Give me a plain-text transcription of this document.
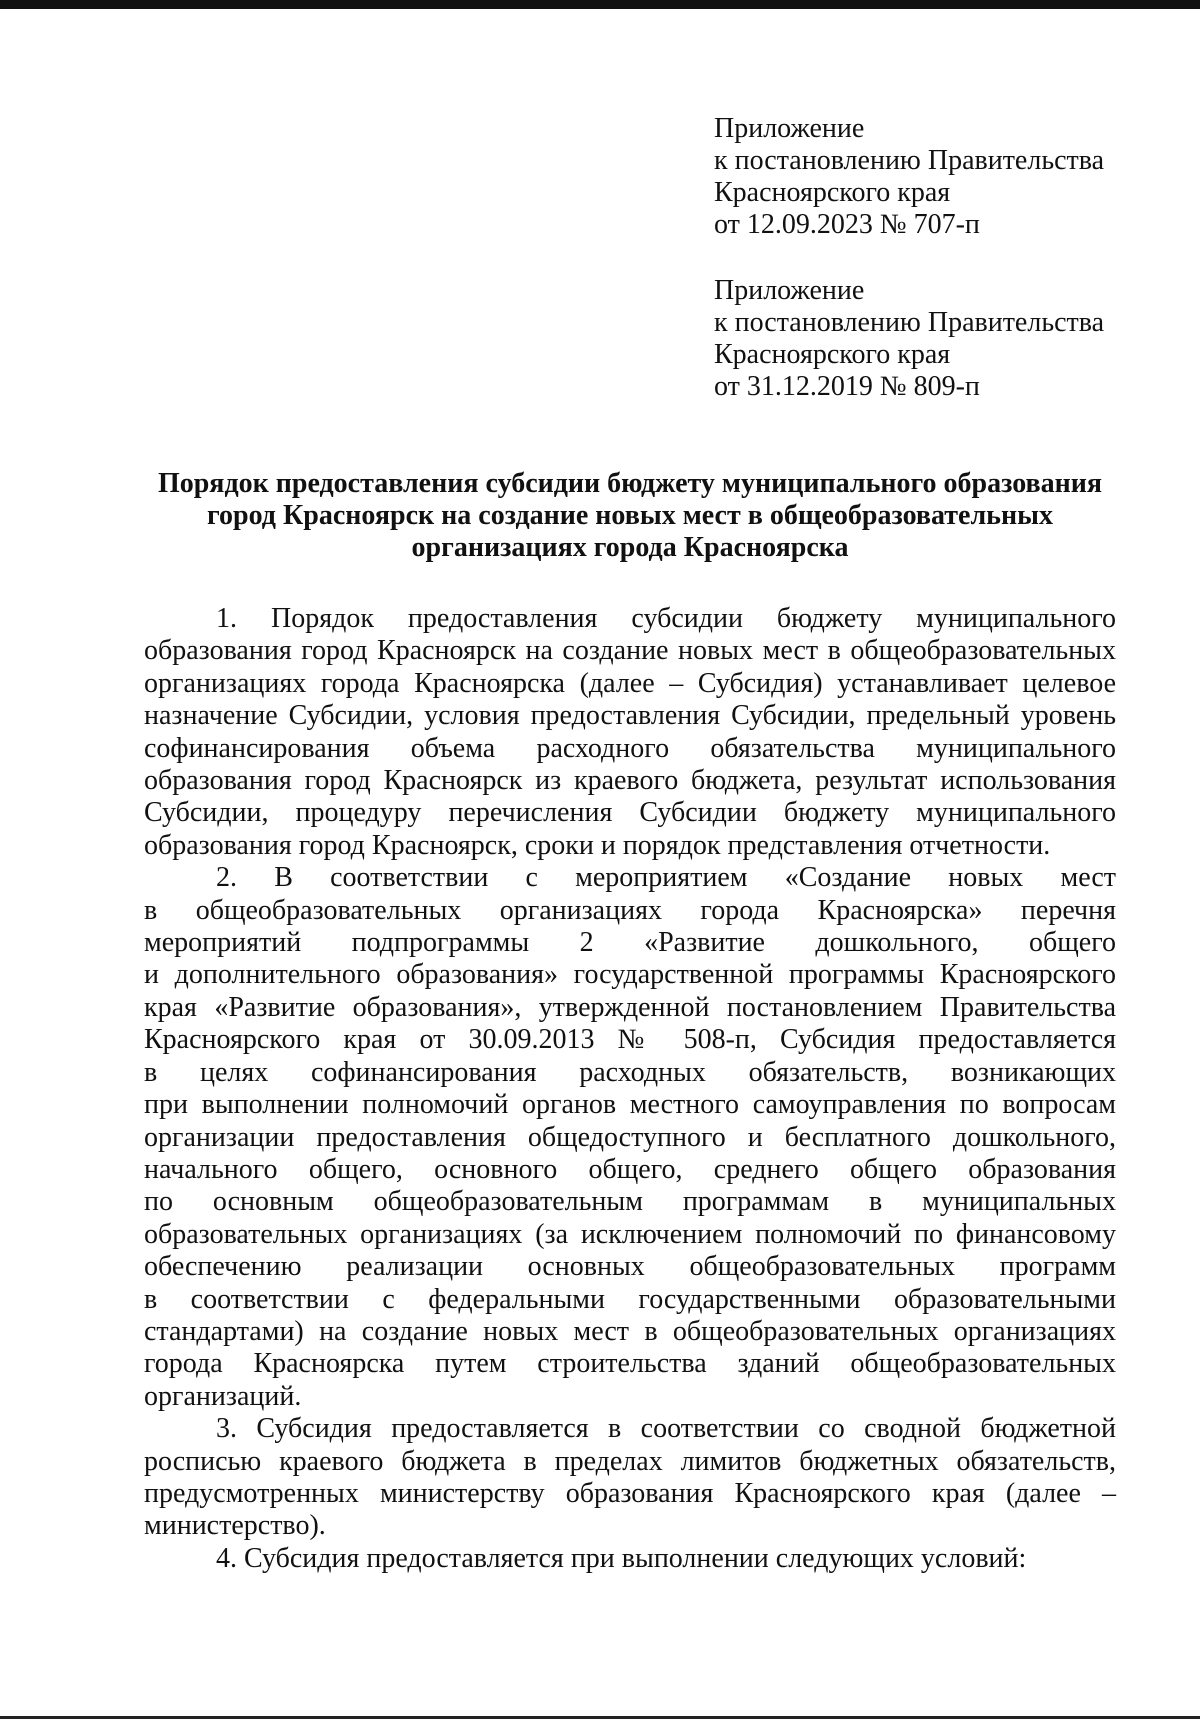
Приложение
к постановлению Правительства
Красноярского края
от 12.09.2023 № 707-п
Приложение
к постановлению Правительства
Красноярского края
от 31.12.2019 № 809-п
Порядок предоставления субсидии бюджету муниципального образования
город Красноярск на создание новых мест в общеобразовательных
организациях города Красноярска
1. Порядок предоставления субсидии бюджету муниципального
образования город Красноярск на создание новых мест в общеобразовательных
организациях города Красноярска (далее – Субсидия) устанавливает целевое
назначение Субсидии, условия предоставления Субсидии, предельный уровень
софинансирования объема расходного обязательства муниципального
образования город Красноярск из краевого бюджета, результат использования
Субсидии, процедуру перечисления Субсидии бюджету муниципального
образования город Красноярск, сроки и порядок представления отчетности.
2. В соответствии с мероприятием «Создание новых мест
в общеобразовательных организациях города Красноярска» перечня
мероприятий подпрограммы 2 «Развитие дошкольного, общего
и дополнительного образования» государственной программы Красноярского
края «Развитие образования», утвержденной постановлением Правительства
Красноярского края от 30.09.2013 № 508-п, Субсидия предоставляется
в целях софинансирования расходных обязательств, возникающих
при выполнении полномочий органов местного самоуправления по вопросам
организации предоставления общедоступного и бесплатного дошкольного,
начального общего, основного общего, среднего общего образования
по основным общеобразовательным программам в муниципальных
образовательных организациях (за исключением полномочий по финансовому
обеспечению реализации основных общеобразовательных программ
в соответствии с федеральными государственными образовательными
стандартами) на создание новых мест в общеобразовательных организациях
города Красноярска путем строительства зданий общеобразовательных
организаций.
3. Субсидия предоставляется в соответствии со сводной бюджетной
росписью краевого бюджета в пределах лимитов бюджетных обязательств,
предусмотренных министерству образования Красноярского края (далее –
министерство).
4. Субсидия предоставляется при выполнении следующих условий:
